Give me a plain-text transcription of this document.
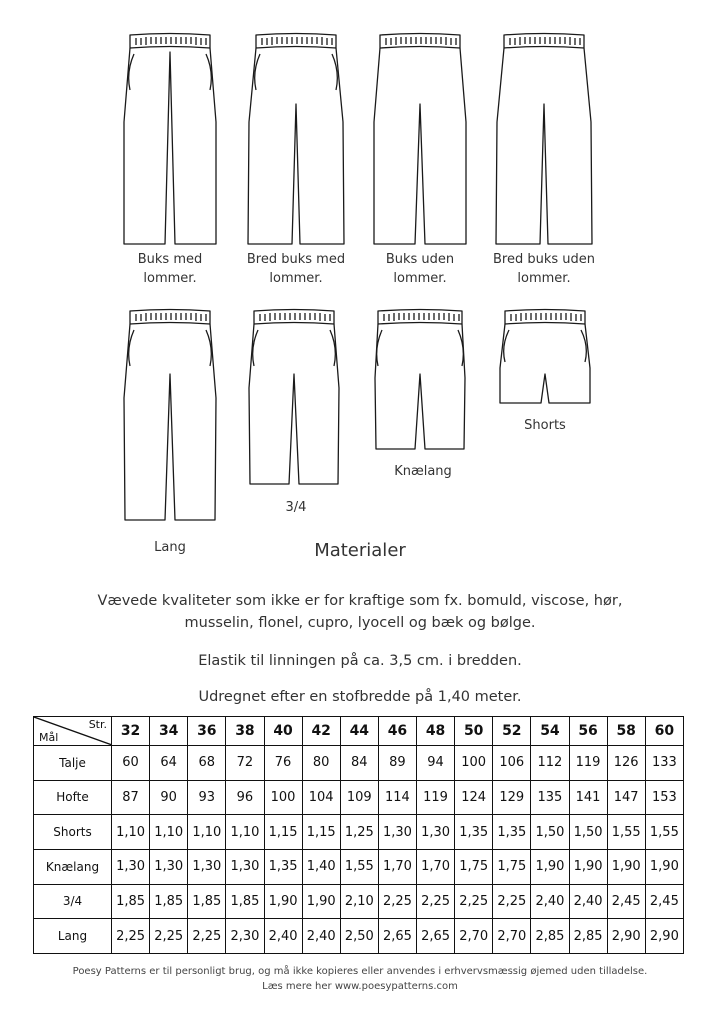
Buks med
lommer.
Bred buks med
lommer.
Buks uden
lommer.
Bred buks uden
lommer.
Lang
3/4
Knælang
Shorts
Materialer
Vævede kvaliteter som ikke er for kraftige som fx. bomuld, viscose, hør,
musselin, flonel, cupro, lyocell og bæk og bølge.
Elastik til linningen på ca. 3,5 cm. i bredden.
Udregnet efter en stofbredde på 1,40 meter.
Str.
Mål	32	34	36	38	40	42	44	46	48	50	52	54	56	58	60
Talje	60	64	68	72	76	80	84	89	94	100	106	112	119	126	133
Hofte	87	90	93	96	100	104	109	114	119	124	129	135	141	147	153
Shorts	1,10	1,10	1,10	1,10	1,15	1,15	1,25	1,30	1,30	1,35	1,35	1,50	1,50	1,55	1,55
Knælang	1,30	1,30	1,30	1,30	1,35	1,40	1,55	1,70	1,70	1,75	1,75	1,90	1,90	1,90	1,90
3/4	1,85	1,85	1,85	1,85	1,90	1,90	2,10	2,25	2,25	2,25	2,25	2,40	2,40	2,45	2,45
Lang	2,25	2,25	2,25	2,30	2,40	2,40	2,50	2,65	2,65	2,70	2,70	2,85	2,85	2,90	2,90
Poesy Patterns er til personligt brug, og må ikke kopieres eller anvendes i erhvervsmæssig øjemed uden tilladelse.
Læs mere her www.poesypatterns.com
